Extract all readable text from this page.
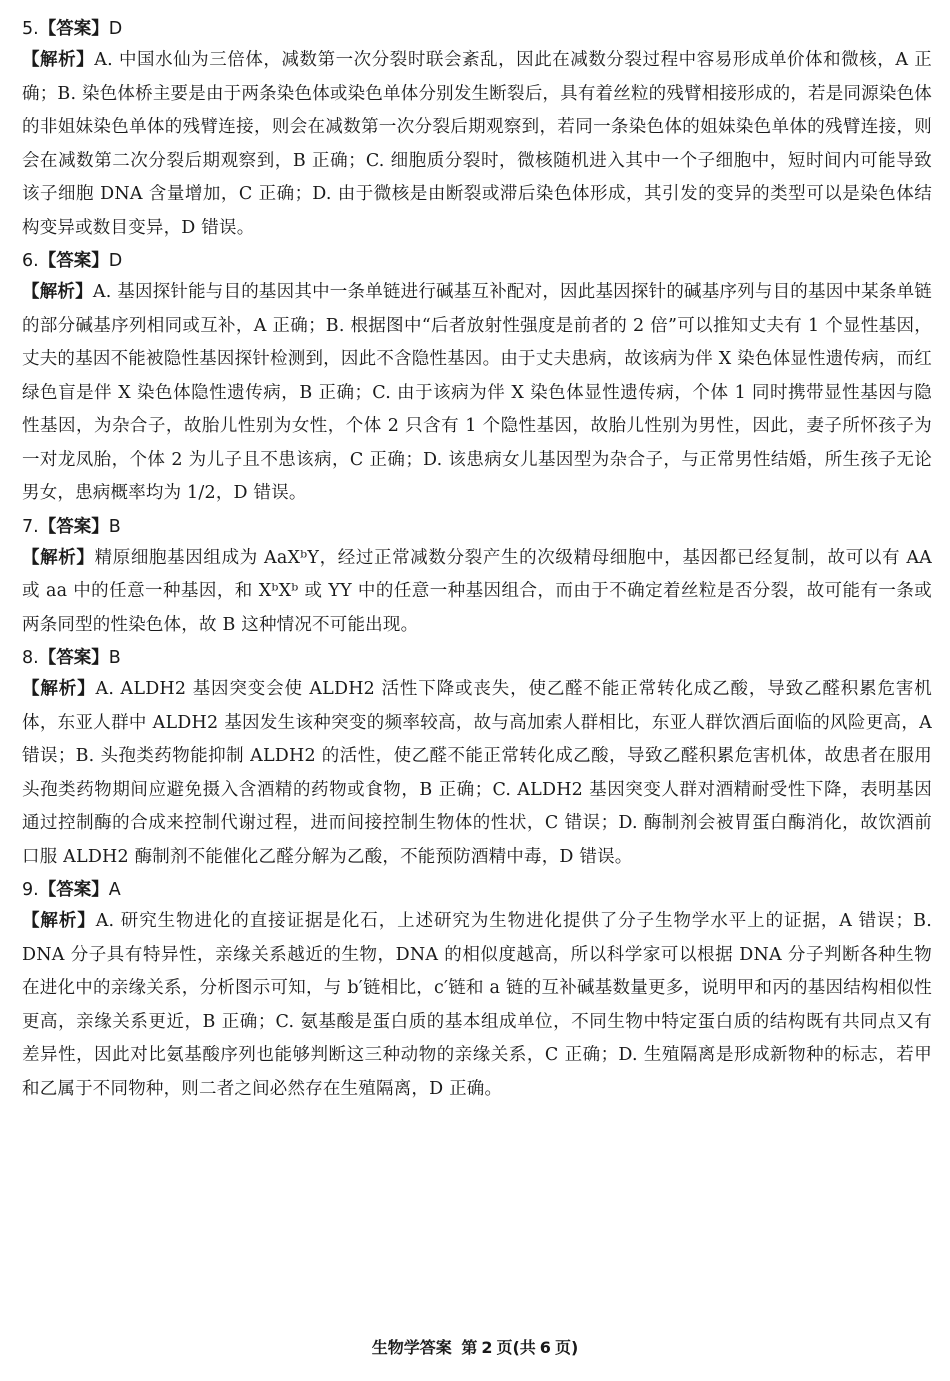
5.【答案】D
【解析】A. 中国水仙为三倍体，减数第一次分裂时联会紊乱，因此在减数分裂过程中容易形成单价体和微核，A 正确；B. 染色体桥主要是由于两条染色体或染色单体分别发生断裂后，具有着丝粒的残臂相接形成的，若是同源染色体的非姐妹染色单体的残臂连接，则会在减数第一次分裂后期观察到，若同一条染色体的姐妹染色单体的残臂连接，则会在减数第二次分裂后期观察到，B 正确；C. 细胞质分裂时，微核随机进入其中一个子细胞中，短时间内可能导致该子细胞 DNA 含量增加，C 正确；D. 由于微核是由断裂或滞后染色体形成，其引发的变异的类型可以是染色体结构变异或数目变异，D 错误。
6.【答案】D
【解析】A. 基因探针能与目的基因其中一条单链进行碱基互补配对，因此基因探针的碱基序列与目的基因中某条单链的部分碱基序列相同或互补，A 正确；B. 根据图中“后者放射性强度是前者的 2 倍”可以推知丈夫有 1 个显性基因，丈夫的基因不能被隐性基因探针检测到，因此不含隐性基因。由于丈夫患病，故该病为伴 X 染色体显性遗传病，而红绿色盲是伴 X 染色体隐性遗传病，B 正确；C. 由于该病为伴 X 染色体显性遗传病，个体 1 同时携带显性基因与隐性基因，为杂合子，故胎儿性别为女性，个体 2 只含有 1 个隐性基因，故胎儿性别为男性，因此，妻子所怀孩子为一对龙凤胎，个体 2 为儿子且不患该病，C 正确；D. 该患病女儿基因型为杂合子，与正常男性结婚，所生孩子无论男女，患病概率均为 1/2，D 错误。
7.【答案】B
【解析】精原细胞基因组成为 AaXᵇY，经过正常减数分裂产生的次级精母细胞中，基因都已经复制，故可以有 AA 或 aa 中的任意一种基因，和 XᵇXᵇ 或 YY 中的任意一种基因组合，而由于不确定着丝粒是否分裂，故可能有一条或两条同型的性染色体，故 B 这种情况不可能出现。
8.【答案】B
【解析】A. ALDH2 基因突变会使 ALDH2 活性下降或丧失，使乙醛不能正常转化成乙酸，导致乙醛积累危害机体，东亚人群中 ALDH2 基因发生该种突变的频率较高，故与高加索人群相比，东亚人群饮酒后面临的风险更高，A 错误；B. 头孢类药物能抑制 ALDH2 的活性，使乙醛不能正常转化成乙酸，导致乙醛积累危害机体，故患者在服用头孢类药物期间应避免摄入含酒精的药物或食物，B 正确；C. ALDH2 基因突变人群对酒精耐受性下降，表明基因通过控制酶的合成来控制代谢过程，进而间接控制生物体的性状，C 错误；D. 酶制剂会被胃蛋白酶消化，故饮酒前口服 ALDH2 酶制剂不能催化乙醛分解为乙酸，不能预防酒精中毒，D 错误。
9.【答案】A
【解析】A. 研究生物进化的直接证据是化石，上述研究为生物进化提供了分子生物学水平上的证据，A 错误；B. DNA 分子具有特异性，亲缘关系越近的生物，DNA 的相似度越高，所以科学家可以根据 DNA 分子判断各种生物在进化中的亲缘关系，分析图示可知，与 b′链相比，c′链和 a 链的互补碱基数量更多，说明甲和丙的基因结构相似性更高，亲缘关系更近，B 正确；C. 氨基酸是蛋白质的基本组成单位，不同生物中特定蛋白质的结构既有共同点又有差异性，因此对比氨基酸序列也能够判断这三种动物的亲缘关系，C 正确；D. 生殖隔离是形成新物种的标志，若甲和乙属于不同物种，则二者之间必然存在生殖隔离，D 正确。
生物学答案 第 2 页(共 6 页)
